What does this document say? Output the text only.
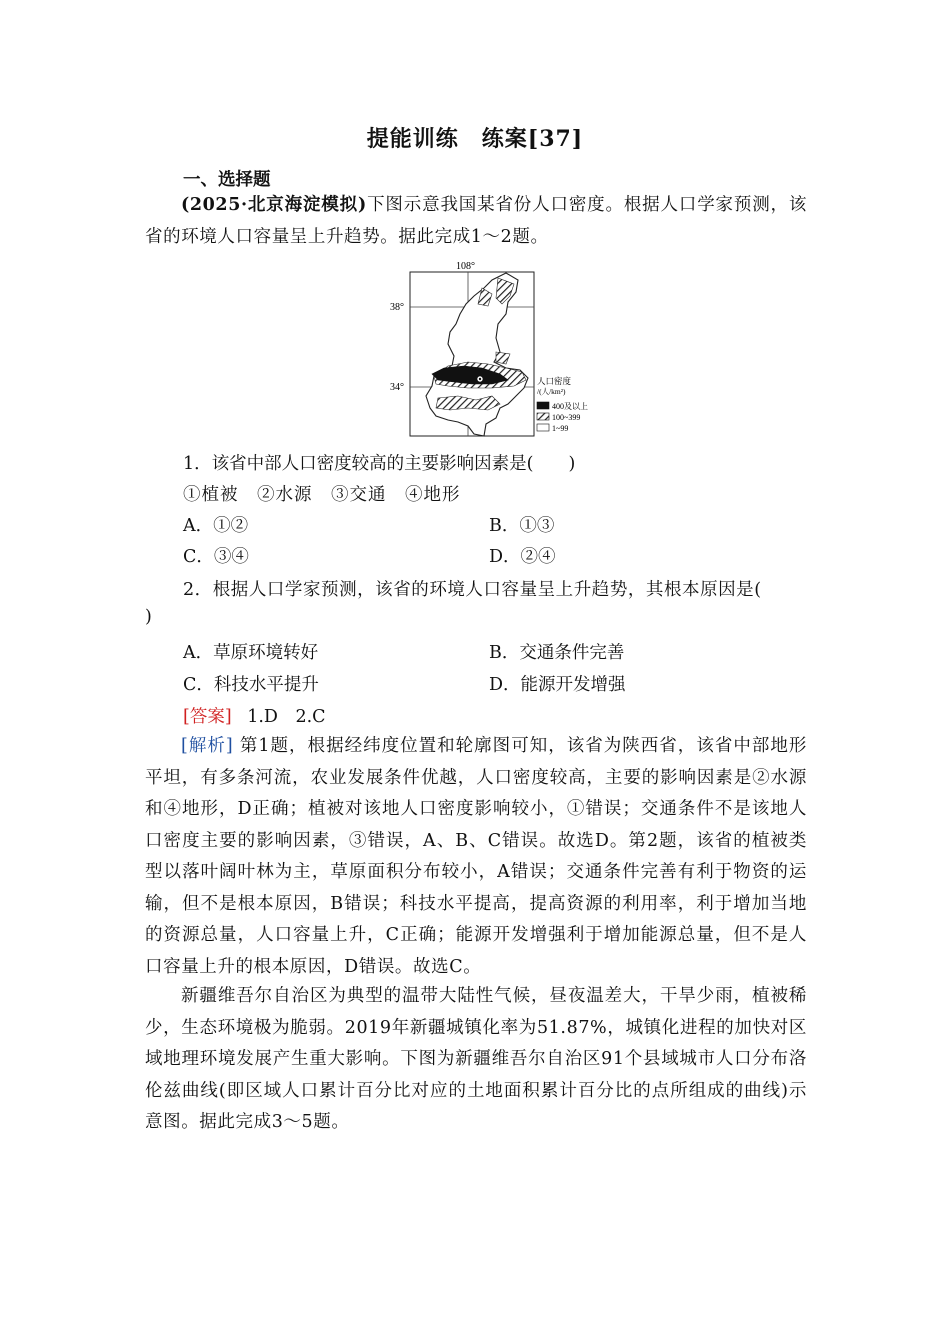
提能训练　练案[37]
一、选择题
(2025·北京海淀模拟)下图示意我国某省份人口密度。根据人口学家预测，该省的环境人口容量呈上升趋势。据此完成1～2题。
108°
38°
34°
人口密度
/(人/km²)
400及以上
100~399
1~99
1．该省中部人口密度较高的主要影响因素是(　　)
①植被　②水源　③交通　④地形
A．①②	B．①③
C．③④	D．②④
2．根据人口学家预测，该省的环境人口容量呈上升趋势，其根本原因是(
)
A．草原环境转好	B．交通条件完善
C．科技水平提升	D．能源开发增强
[答案] 1.D　2.C
[解析] 第1题，根据经纬度位置和轮廓图可知，该省为陕西省，该省中部地形平坦，有多条河流，农业发展条件优越，人口密度较高，主要的影响因素是②水源和④地形，D正确；植被对该地人口密度影响较小，①错误；交通条件不是该地人口密度主要的影响因素，③错误，A、B、C错误。故选D。第2题，该省的植被类型以落叶阔叶林为主，草原面积分布较小，A错误；交通条件完善有利于物资的运输，但不是根本原因，B错误；科技水平提高，提高资源的利用率，利于增加当地的资源总量，人口容量上升，C正确；能源开发增强利于增加能源总量，但不是人口容量上升的根本原因，D错误。故选C。
新疆维吾尔自治区为典型的温带大陆性气候，昼夜温差大，干旱少雨，植被稀少，生态环境极为脆弱。2019年新疆城镇化率为51.87%，城镇化进程的加快对区域地理环境发展产生重大影响。下图为新疆维吾尔自治区91个县域城市人口分布洛伦兹曲线(即区域人口累计百分比对应的土地面积累计百分比的点所组成的曲线)示意图。据此完成3～5题。
